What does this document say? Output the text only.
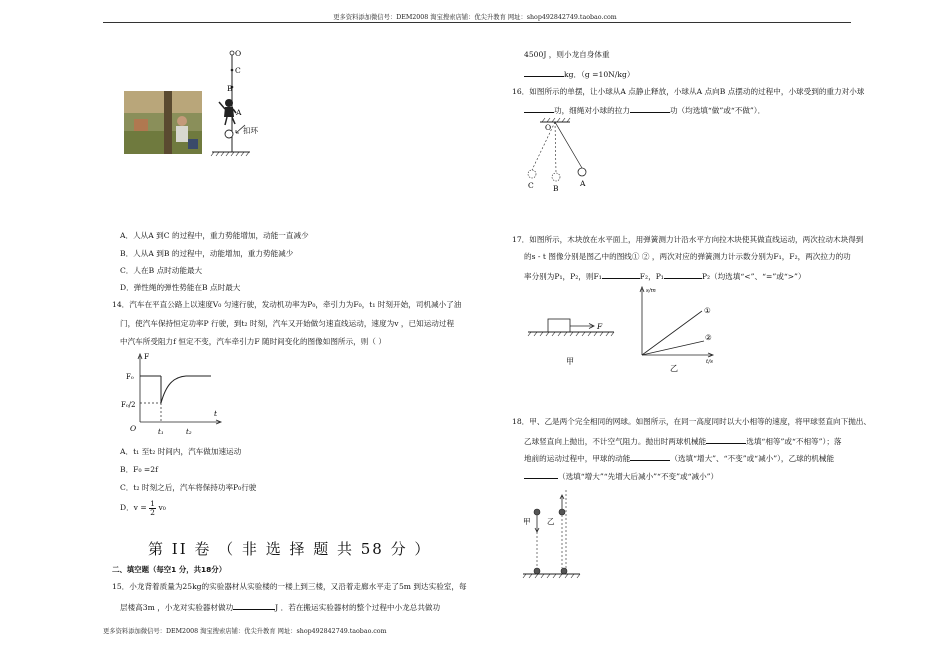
更多资料添加微信号：DEM2008 淘宝搜索店铺：优尖升教育 网址：shop492842749.taobao.com
O
C
B
A
扣环
A．人从A 到C 的过程中，重力势能增加，动能一直减少
B．人从A 到B 的过程中，动能增加，重力势能减少
C．人在B 点时动能最大
D．弹性绳的弹性势能在B 点时最大
14．汽车在平直公路上以速度V₀ 匀速行驶，发动机功率为P₀，牵引力为F₀，t₁ 时刻开始，司机减小了油
门，使汽车保持恒定功率P 行驶，到t₂ 时刻，汽车又开始做匀速直线运动，速度为v ，已知运动过程
中汽车所受阻力f 恒定不变，汽车牵引力F 随时间变化的图像如图所示，则（ ）
F
t
O
F₀
F₀/2
t₁	t₂
A．t₁ 至t₂ 时间内，汽车做加速运动
B．F₀ =2f
C．t₂ 时刻之后，汽车将保持功率P₀行驶
D．$v = \frac{1}{2} v_0$
第 II 卷 （ 非 选 择 题 共 58 分 ）
二、填空题（每空1 分，共18分）
15．小龙背着质量为25kg的实验器材从实验楼的一楼上到三楼，又沿着走廊水平走了5m 到达实验室，每
层楼高3m ，小龙对实验器材做功	J ．若在搬运实验器材的整个过程中小龙总共做功
4500J ，则小龙自身体重
kg．（g =10N/kg）
16．如图所示的单摆，让小球从A 点静止释放，小球从A 点向B 点摆动的过程中，小球受到的重力对小球
功，细绳对小球的拉力	功（均选填“做”或“不做”）．
O
C	B
A
17．如图所示，木块放在水平面上，用弹簧测力计沿水平方向拉木块使其做直线运动，两次拉动木块得到
的s - t 图像分别是图乙中的图线① ② ，两次对应的弹簧测力计示数分别为F₁，F₂，两次拉力的功
率分别为P₁，P₂，则F₁	F₂，P₁	P₂（均选填“<”、“=”或“>”）
F
甲
s/m
t/s
①
②
乙
18．甲、乙是两个完全相同的网球。如图所示，在同一高度同时以大小相等的速度，将甲球竖直向下抛出、
乙球竖直向上抛出，不计空气阻力。抛出时两球机械能	选填“相等”或“不相等”）；落
地前的运动过程中，甲球的动能	（选填“增大”、“不变”或“减小”），乙球的机械能
（选填“增大”“先增大后减小”“不变”或“减小”）
甲 乙
更多资料添加微信号：DEM2008 淘宝搜索店铺：优尖升教育 网址：shop492842749.taobao.com
